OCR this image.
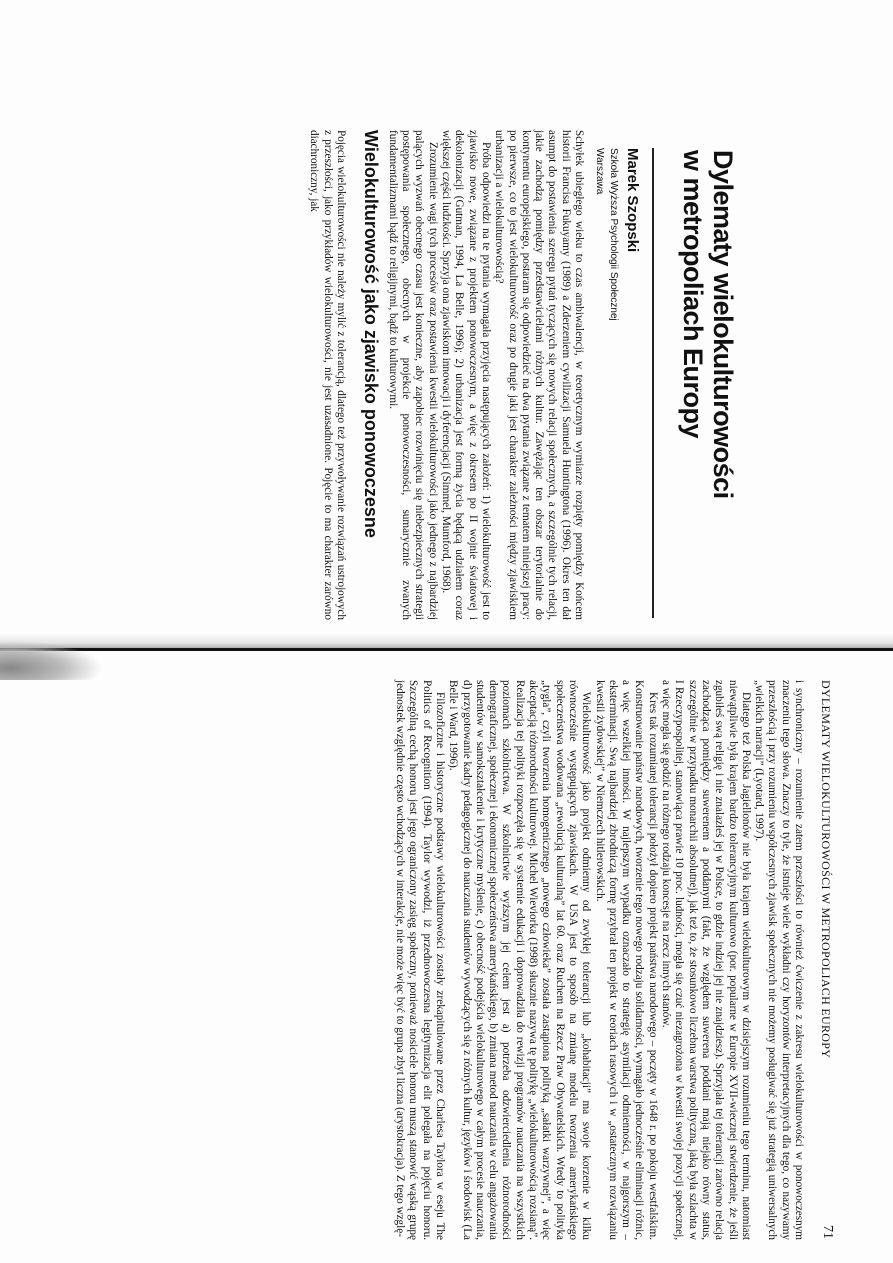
Dylematy wielokulturowości
w metropoliach Europy
Marek Szopski
Szkoła Wyższa Psychologii Społecznej
Warszawa

Schyłek ubiegłego wieku to czas ambiwalencji, w teoretycznym wymiarze rozpięty pomiędzy Końcem historii Francisa Fukuyamy (1989) a Zderzeniem cywilizacji Samuela Huntingtona (1996). Okres ten dał asumpt do postawienia szeregu pytań tyczących się nowych relacji społecznych, a szczególnie tych relacji, jakie zachodzą pomiędzy przedstawicielami różnych kultur. Zawężając ten obszar terytorialnie do kontynentu europejskiego, postaram się odpowiedzieć na dwa pytania związane z tematem niniejszej pracy: po pierwsze, co to jest wielokulturowość oraz po drugie jaki jest charakter zależności między zjawiskiem urbanizacji a wielokulturowością?

Próba odpowiedzi na te pytania wymagała przyjęcia następujących założeń: 1) wielokulturowość jest to zjawisko nowe, związane z projektem ponowoczesnym, a więc z okresem po II wojnie światowej i dekolonizacji (Gutman, 1994, La Belle, 1996); 2) urbanizacja jest formą życia będącą udziałem coraz większej części ludzkości. Sprzyja ona zjawiskom innowacji i dyferencjacji (Simmel, Mumford, 1968).

Zrozumienie wagi tych procesów oraz postawienia kwestii wielokulturowości jako jednego z najbardziej palących wyzwań obecnego czasu jest konieczne, aby zapobiec rozwinięciu się niebezpiecznych strategii postępowania społecznego, obecnych w projekcie ponowoczesności, sumarycznie zwanych fundamentalizmami bądź to religijnymi, bądź to kulturowymi.

Wielokulturowość jako zjawisko ponowoczesne

Pojęcia wielokulturowości nie należy mylić z tolerancją, dlatego też przywoływanie rozwiązań ustrojowych z przeszłości, jako przykładów wielokulturowości, nie jest uzasadnione. Pojęcie to ma charakter zarówno diachroniczny, jak

DYLEMATY WIELOKULTUROWOŚCI W METROPOLIACH EUROPY
71

i synchroniczny – rozumienie zatem przeszłości to również ćwiczenie z zakresu wielokulturowości w ponowoczesnym znaczeniu tego słowa. Znaczy to tyle, że istnieje wiele wykładni czy horyzontów interpretacyjnych dla tego, co nazywamy przeszłością i przy rozumieniu współczesnych zjawisk społecznych nie możemy posługiwać się już strategią uniwersalnych „wielkich narracji” (Lyotard, 1997).

Dlatego też Polska Jagiellonów nie była krajem wielokulturowym w dzisiejszym rozumieniu tego terminu, natomiast niewątpliwie była krajem bardzo tolerancyjnym kulturowo (por. popularne w Europie XVII-wiecznej stwierdzenie, że jeśli zgubiłeś swą religię i nie znalazłeś jej w Polsce, to gdzie indziej jej nie znajdziesz). Sprzyjała tej tolerancji zarówno relacja zachodząca pomiędzy suwerenem a poddanymi (fakt, że względem suwerena poddani mają niejako równy status, szczególnie w przypadku monarchii absolutnej), jak też to, że stosunkowo liczebna warstwa polityczna, jaką była szlachta w I Rzeczypospolitej, stanowiąca prawie 10 proc. ludności, mogła się czuć niezagrożona w kwestii swojej pozycji społecznej, a więc mogła się godzić na różnego rodzaju koncesje na rzecz innych stanów.

Kres tak rozumianej tolerancji położył dopiero projekt państwa narodowego – poczęty w 1648 r. po pokoju westfalskim. Konstruowanie państw narodowych, tworzenie tego nowego rodzaju solidarności, wymagało jednocześnie eliminacji różnic, a więc wszelkiej inności. W najlepszym wypadku oznaczało to strategię asymilacji odmienności, w najgorszym – eksterminacji. Swą najbardziej zbrodniczą formę przybrał ten projekt w teoriach rasowych i w „ostatecznym rozwiązaniu kwestii żydowskiej” w Niemczech hitlerowskich.

Wielokulturowość jako projekt odmienny od zwykłej tolerancji lub „kohabitacji” ma swoje korzenie w kilku równocześnie występujących zjawiskach. W USA jest to sposób na zmianę modelu tworzenia amerykańskiego społeczeństwa wodowana „rewolucją kulturalną” lat 60. oraz Ruchem na Rzecz Praw Obywatelskich. Wtedy to polityka „tygla”, czyli tworzenia homogenicznego „nowego człowieka” została zastąpiona polityką „sałatki warzywnej”, a więc akceptacją różnorodności kulturowej. Michel Wieviorka (1998) słusznie nazywa tę politykę „wielokulturowością rozsianą”. Realizacja tej polityki rozpoczęła się w systemie edukacji i doprowadziła do rewizji programów nauczania na wszystkich poziomach szkolnictwa. W szkolnictwie wyższym jej celem jest a) potrzeba odzwierciedlenia różnorodności demograficznej, społecznej i ekonomicznej społeczeństwa amerykańskiego, b) zmiana metod nauczania w celu angażowania studentów w samokształcenie i krytyczne myślenie, c) obecność podejścia wielokulturowego w całym procesie nauczania, d) przygotowanie kadry pedagogicznej do nauczania studentów wywodzących się z różnych kultur, języków i środowisk (La Belle i Ward, 1996).

Filozoficzne i historyczne podstawy wielokulturowości zostały zrekapitulowane przez Charlesa Taylora w eseju The Politics of Recognition (1994). Taylor wywodzi, iż przednowoczesna legitymizacja elit polegała na pojęciu honoru. Szczególną cechą honoru jest jego ograniczony zasięg społeczny, ponieważ nosiciele honoru muszą stanowić wąską grupę jednostek względnie często wchodzących w interakcje, nie może więc być to grupa zbyt liczna (arystokracja). Z tego wzglę-
